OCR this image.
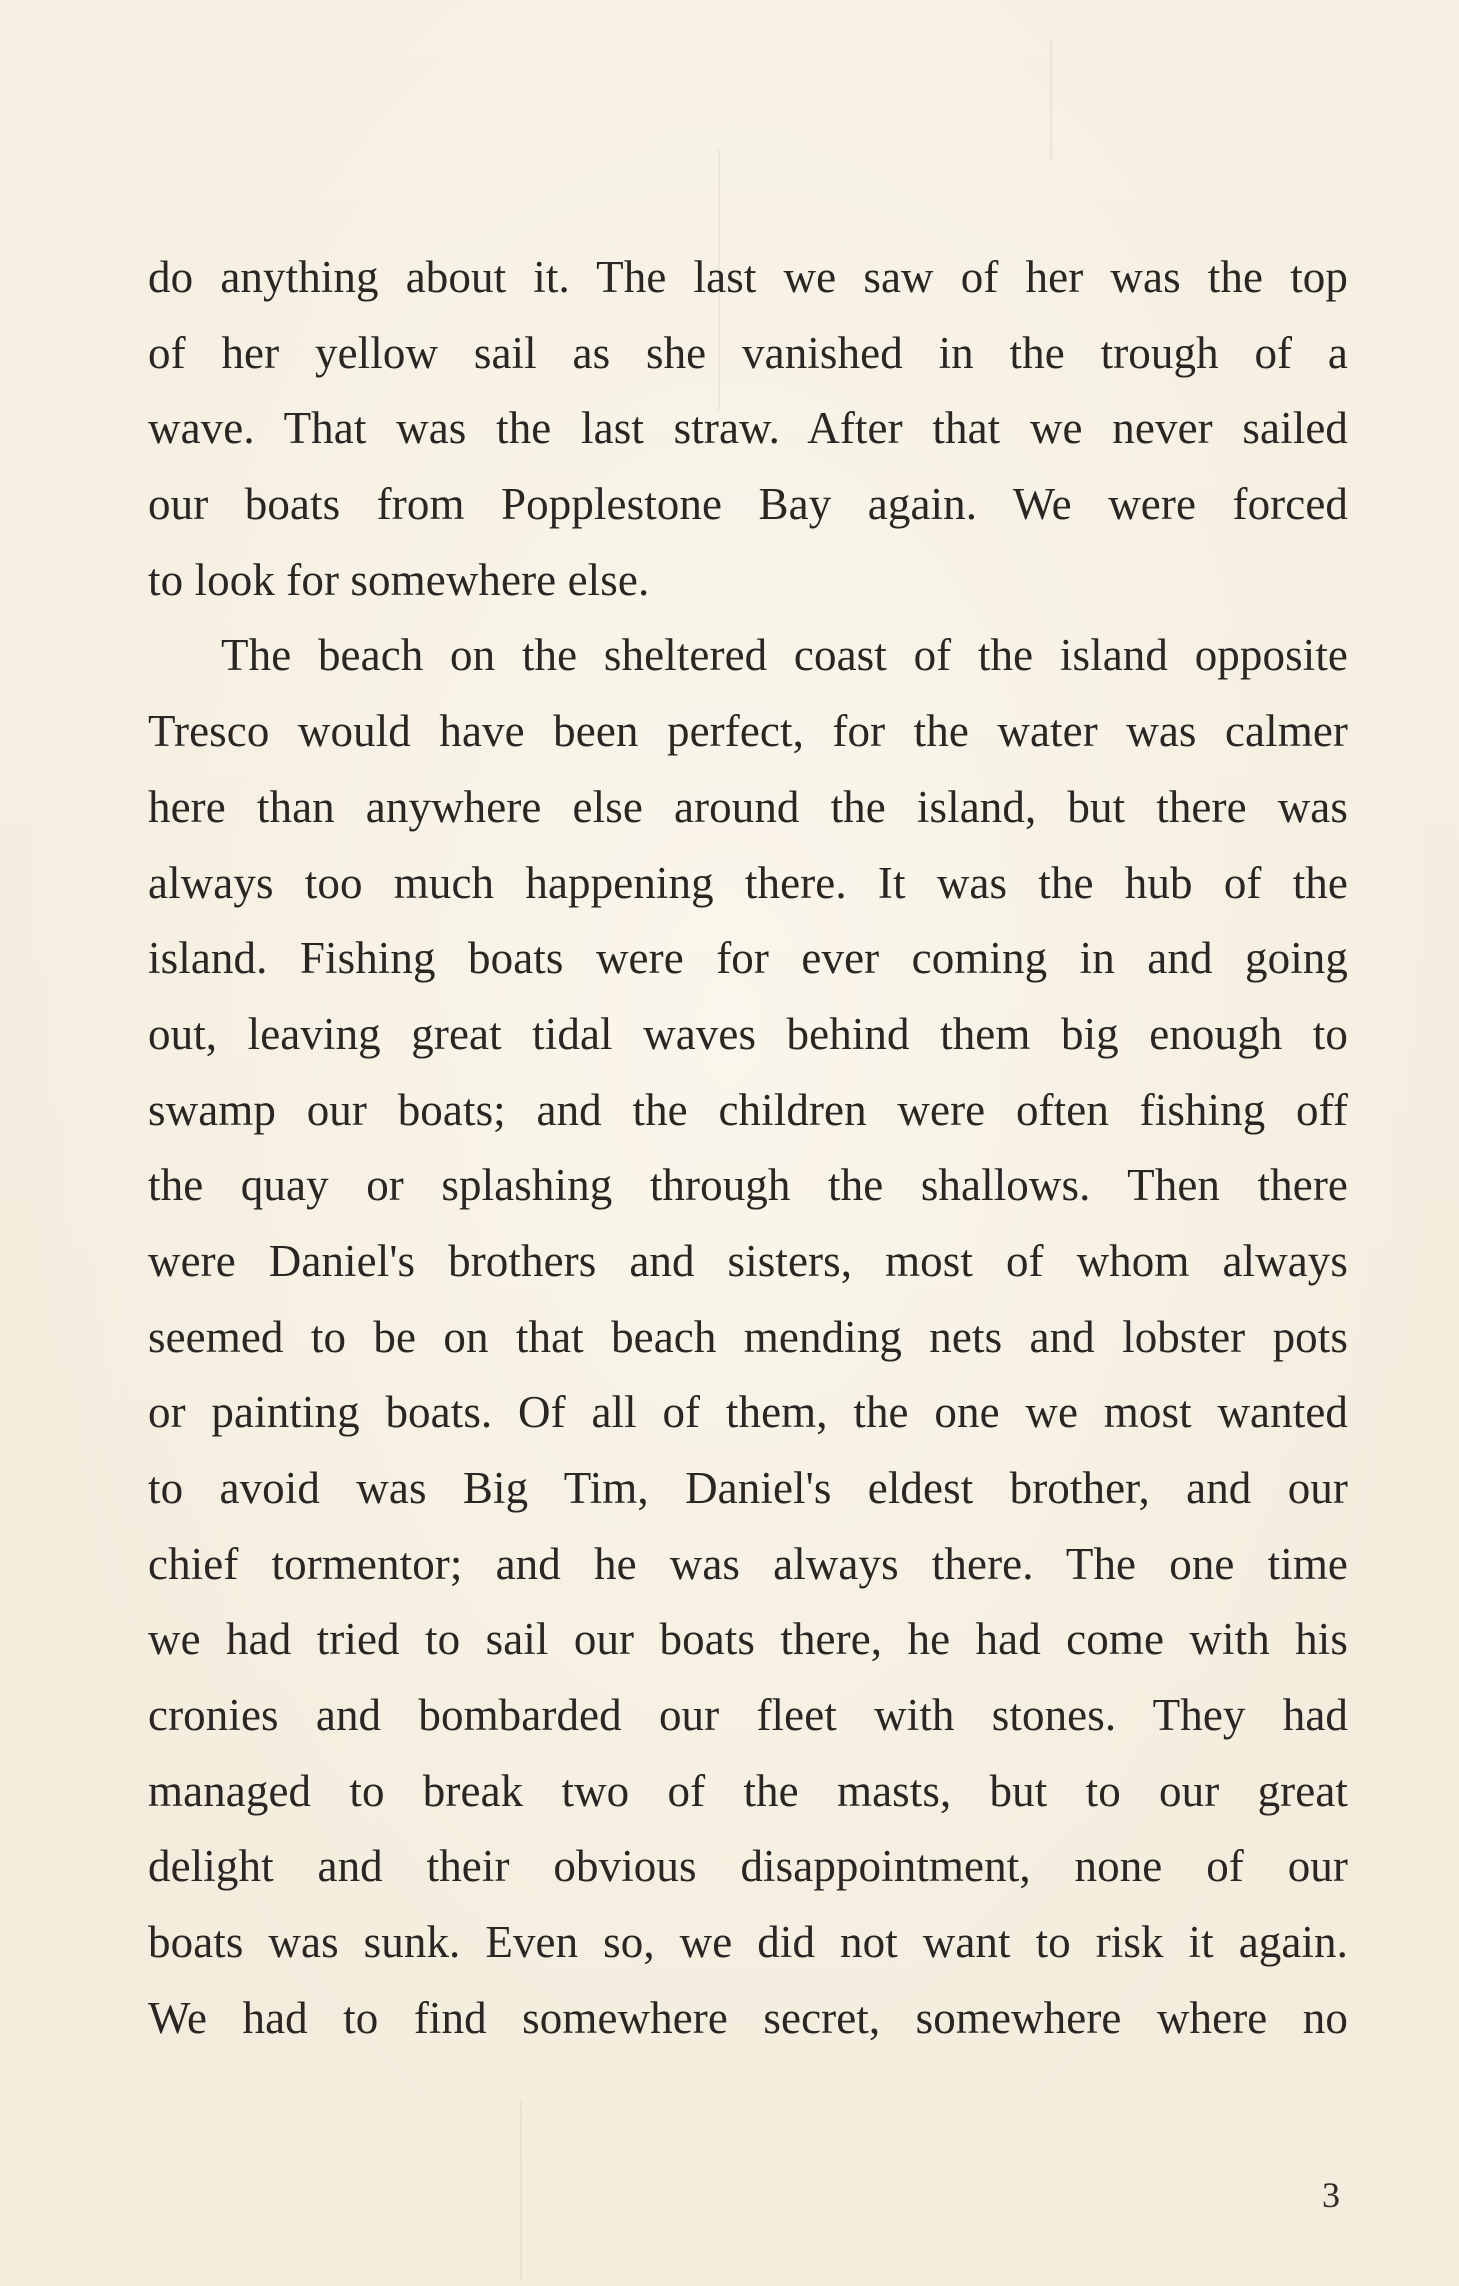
do anything about it. The last we saw of her was the top
of her yellow sail as she vanished in the trough of a
wave. That was the last straw. After that we never sailed
our boats from Popplestone Bay again. We were forced
to look for somewhere else.
The beach on the sheltered coast of the island opposite
Tresco would have been perfect, for the water was calmer
here than anywhere else around the island, but there was
always too much happening there. It was the hub of the
island. Fishing boats were for ever coming in and going
out, leaving great tidal waves behind them big enough to
swamp our boats; and the children were often fishing off
the quay or splashing through the shallows. Then there
were Daniel's brothers and sisters, most of whom always
seemed to be on that beach mending nets and lobster pots
or painting boats. Of all of them, the one we most wanted
to avoid was Big Tim, Daniel's eldest brother, and our
chief tormentor; and he was always there. The one time
we had tried to sail our boats there, he had come with his
cronies and bombarded our fleet with stones. They had
managed to break two of the masts, but to our great
delight and their obvious disappointment, none of our
boats was sunk. Even so, we did not want to risk it again.
We had to find somewhere secret, somewhere where no
3
